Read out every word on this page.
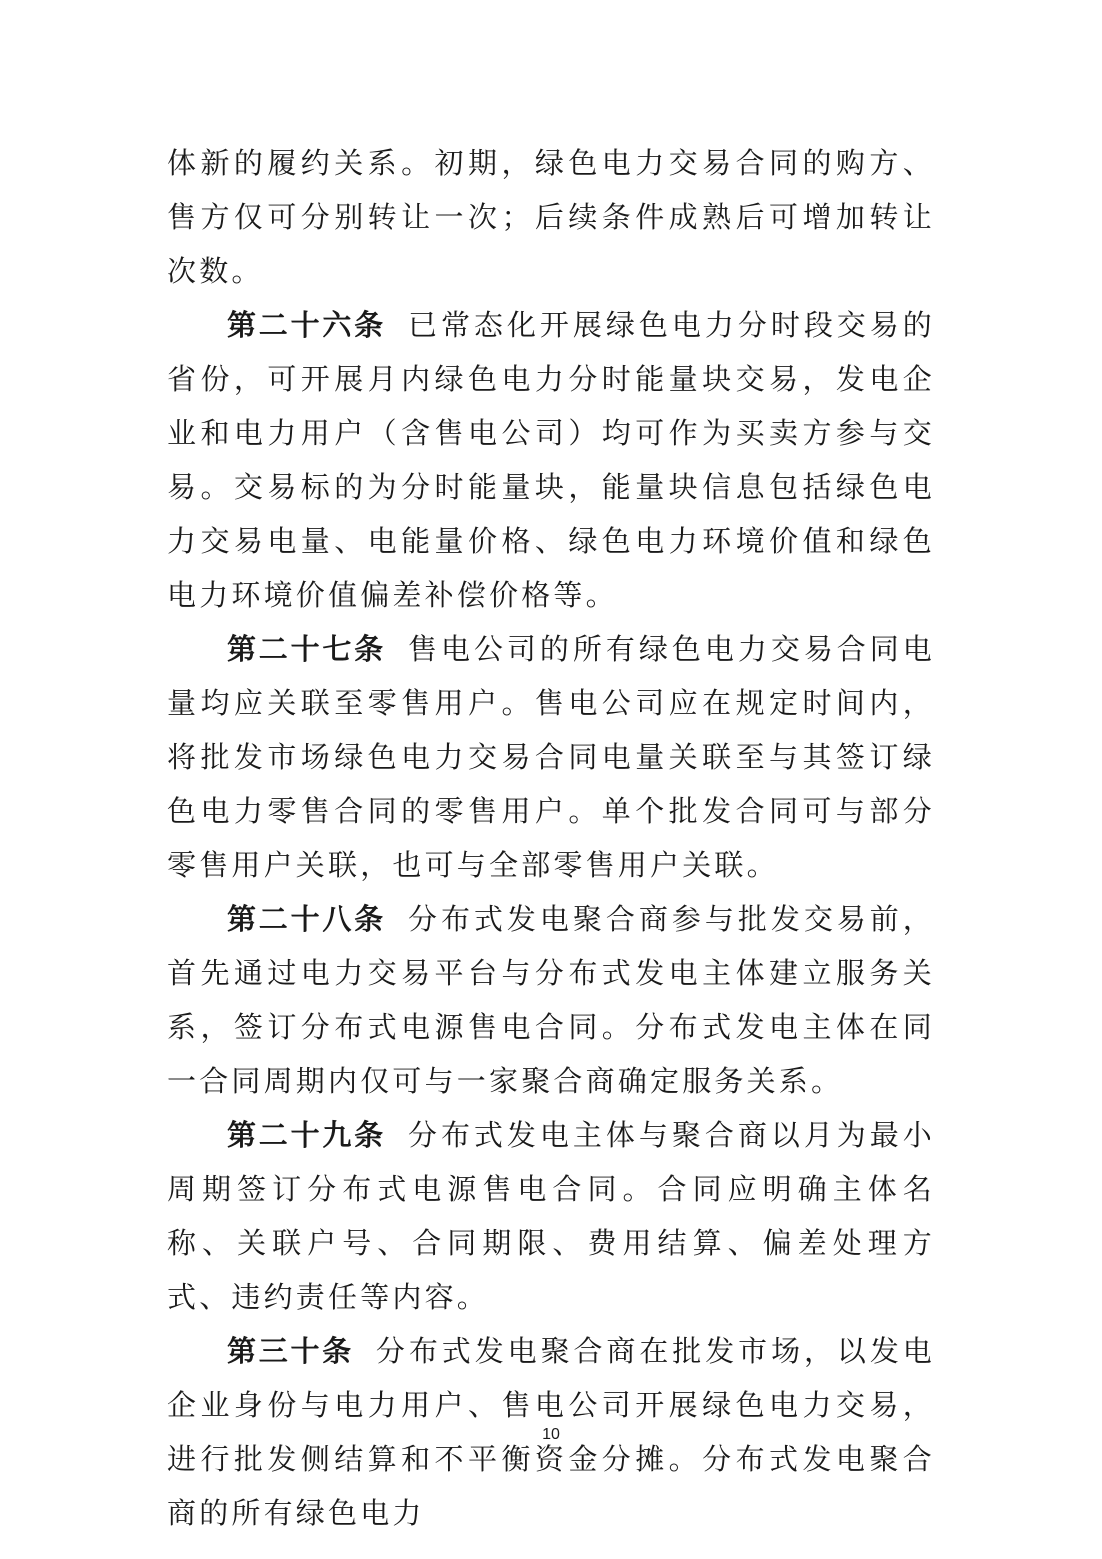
体新的履约关系。初期，绿色电力交易合同的购方、售方仅可分别转让一次；后续条件成熟后可增加转让次数。

第二十六条 已常态化开展绿色电力分时段交易的省份，可开展月内绿色电力分时能量块交易，发电企业和电力用户（含售电公司）均可作为买卖方参与交易。交易标的为分时能量块，能量块信息包括绿色电力交易电量、电能量价格、绿色电力环境价值和绿色电力环境价值偏差补偿价格等。

第二十七条 售电公司的所有绿色电力交易合同电量均应关联至零售用户。售电公司应在规定时间内，将批发市场绿色电力交易合同电量关联至与其签订绿色电力零售合同的零售用户。单个批发合同可与部分零售用户关联，也可与全部零售用户关联。

第二十八条 分布式发电聚合商参与批发交易前，首先通过电力交易平台与分布式发电主体建立服务关系，签订分布式电源售电合同。分布式发电主体在同一合同周期内仅可与一家聚合商确定服务关系。

第二十九条 分布式发电主体与聚合商以月为最小周期签订分布式电源售电合同。合同应明确主体名称、关联户号、合同期限、费用结算、偏差处理方式、违约责任等内容。

第三十条 分布式发电聚合商在批发市场，以发电企业身份与电力用户、售电公司开展绿色电力交易，进行批发侧结算和不平衡资金分摊。分布式发电聚合商的所有绿色电力

10
